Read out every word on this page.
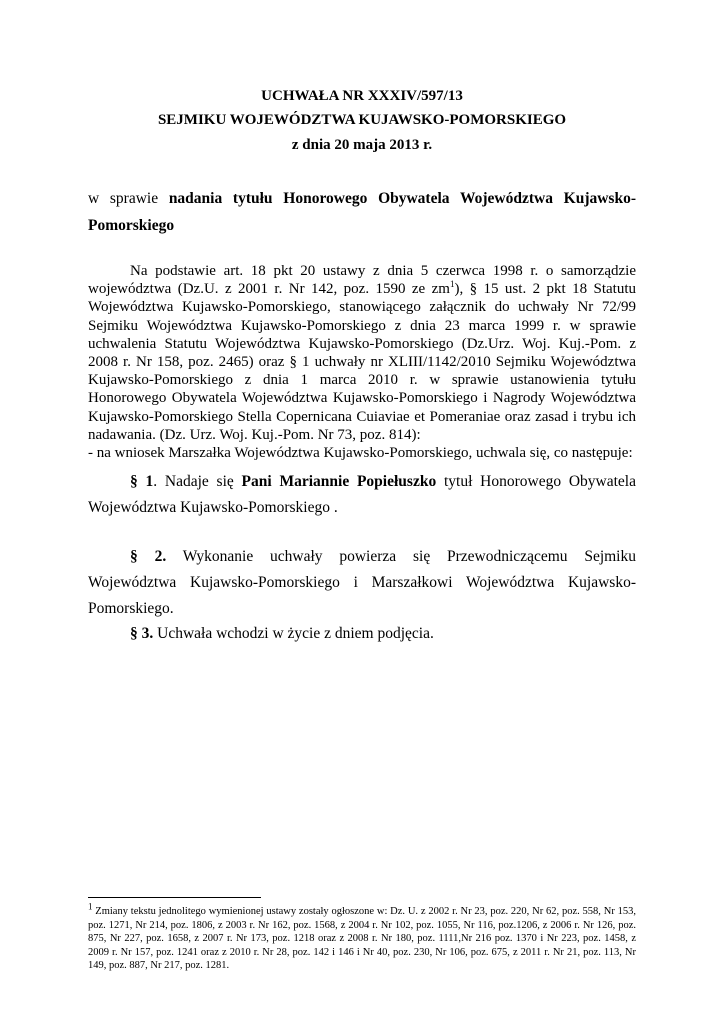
UCHWAŁA NR XXXIV/597/13
SEJMIKU WOJEWÓDZTWA KUJAWSKO-POMORSKIEGO
z dnia 20 maja 2013 r.
w sprawie nadania tytułu Honorowego Obywatela Województwa Kujawsko-
Pomorskiego
Na podstawie art. 18 pkt 20 ustawy z dnia 5 czerwca 1998 r. o samorządzie województwa (Dz.U. z 2001 r. Nr 142, poz. 1590 ze $zm^1$), § 15 ust. 2 pkt 18 Statutu Województwa Kujawsko-Pomorskiego, stanowiącego załącznik do uchwały Nr 72/99 Sejmiku Województwa Kujawsko-Pomorskiego z dnia 23 marca 1999 r. w sprawie uchwalenia Statutu Województwa Kujawsko-Pomorskiego (Dz.Urz. Woj. Kuj.-Pom. z 2008 r. Nr 158, poz. 2465) oraz § 1 uchwały nr XLIII/1142/2010 Sejmiku Województwa Kujawsko-Pomorskiego z dnia 1 marca 2010 r. w sprawie ustanowienia tytułu Honorowego Obywatela Województwa Kujawsko-Pomorskiego i Nagrody Województwa Kujawsko-Pomorskiego Stella Copernicana Cuiaviae et Pomeraniae oraz zasad i trybu ich nadawania. (Dz. Urz. Woj. Kuj.-Pom. Nr 73, poz. 814):
- na wniosek Marszałka Województwa Kujawsko-Pomorskiego, uchwala się, co następuje:
§ 1. Nadaje się Pani Mariannie Popiełuszko tytuł Honorowego Obywatela Województwa Kujawsko-Pomorskiego .
§ 2. Wykonanie uchwały powierza się Przewodniczącemu Sejmiku Województwa Kujawsko-Pomorskiego i Marszałkowi Województwa Kujawsko-Pomorskiego.
§ 3. Uchwała wchodzi w życie z dniem podjęcia.
$^1$ Zmiany tekstu jednolitego wymienionej ustawy zostały ogłoszone w: Dz. U. z 2002 r. Nr 23, poz. 220, Nr 62, poz. 558, Nr 153, poz. 1271, Nr 214, poz. 1806, z 2003 r. Nr 162, poz. 1568, z 2004 r. Nr 102, poz. 1055, Nr 116, poz.1206, z 2006 r. Nr 126, poz. 875, Nr 227, poz. 1658, z 2007 r. Nr 173, poz. 1218 oraz z 2008 r. Nr 180, poz. 1111,Nr 216 poz. 1370 i Nr 223, poz. 1458, z 2009 r. Nr 157, poz. 1241 oraz z 2010 r. Nr 28, poz. 142 i 146 i Nr 40, poz. 230, Nr 106, poz. 675, z 2011 r. Nr 21, poz. 113, Nr 149, poz. 887, Nr 217, poz. 1281.
